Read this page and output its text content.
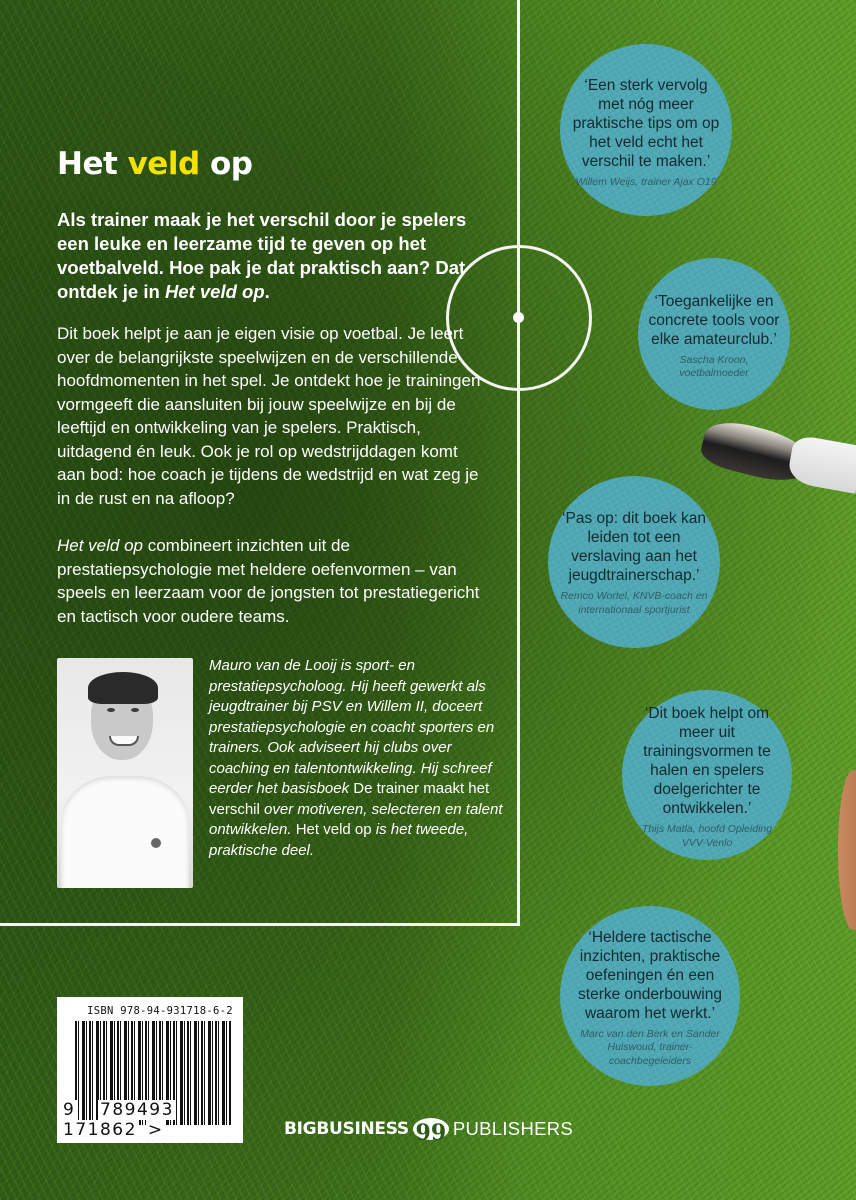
Het veld op

Als trainer maak je het verschil door je spelers een leuke en leerzame tijd te geven op het voetbalveld. Hoe pak je dat praktisch aan? Dat ontdek je in Het veld op.

Dit boek helpt je aan je eigen visie op voetbal. Je leert over de belangrijkste speelwijzen en de verschillende hoofdmomenten in het spel. Je ontdekt hoe je trainingen vormgeeft die aansluiten bij jouw speelwijze en bij de leeftijd en ontwikkeling van je spelers. Praktisch, uitdagend én leuk. Ook je rol op wedstrijddagen komt aan bod: hoe coach je tijdens de wedstrijd en wat zeg je in de rust en na afloop?

Het veld op combineert inzichten uit de prestatiepsychologie met heldere oefenvormen – van speels en leerzaam voor de jongsten tot prestatiegericht en tactisch voor oudere teams.

Mauro van de Looij is sport- en prestatiepsycholoog. Hij heeft gewerkt als jeugdtrainer bij PSV en Willem II, doceert prestatiepsychologie en coacht sporters en trainers. Ook adviseert hij clubs over coaching en talentontwikkeling. Hij schreef eerder het basisboek De trainer maakt het verschil over motiveren, selecteren en talent ontwikkelen. Het veld op is het tweede, praktische deel.

‘Een sterk vervolg met nóg meer praktische tips om op het veld echt het verschil te maken.’

Willem Weijs, trainer Ajax O19

‘Toegankelijke en concrete tools voor elke amateurclub.’

Sascha Kroon, voetbalmoeder

‘Pas op: dit boek kan leiden tot een verslaving aan het jeugdtrainerschap.’

Remco Wortel, KNVB-coach en internationaal sportjurist

‘Dit boek helpt om meer uit trainingsvormen te halen en spelers doelgerichter te ontwikkelen.’

Thijs Matla, hoofd Opleiding VVV-Venlo

‘Heldere tactische inzichten, praktische oefeningen én een sterke onderbouwing waarom het werkt.’

Marc van den Berk en Sander Huiswoud, trainer-coachbegeleiders

ISBN 978-94-931718-6-2
9 789493  171862 >	BIGBUSINESS 99 PUBLISHERS
